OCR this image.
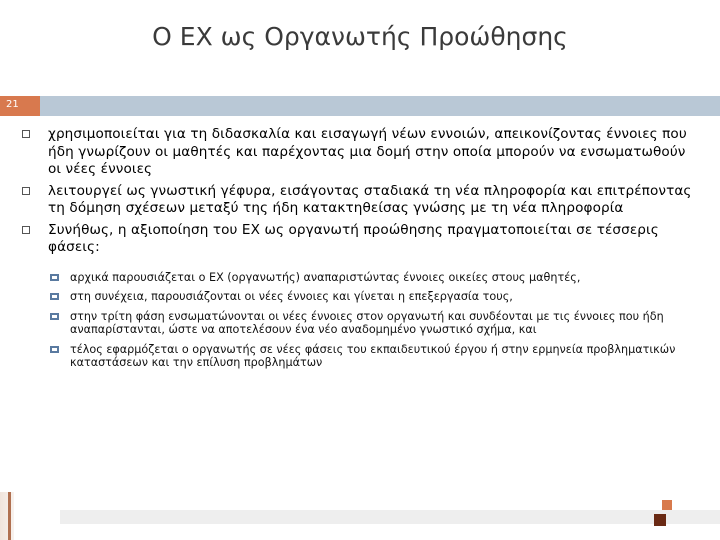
Ο ΕΧ ως Οργανωτής Προώθησης
21
χρησιμοποιείται για τη διδασκαλία και εισαγωγή νέων εννοιών, απεικονίζοντας έννοιες που ήδη γνωρίζουν οι μαθητές και παρέχοντας μια δομή στην οποία μπορούν να ενσωματωθούν οι νέες έννοιες
λειτουργεί ως γνωστική γέφυρα, εισάγοντας σταδιακά τη νέα πληροφορία και επιτρέποντας τη δόμηση σχέσεων μεταξύ της ήδη κατακτηθείσας γνώσης με τη νέα πληροφορία
Συνήθως, η αξιοποίηση του ΕΧ ως οργανωτή προώθησης πραγματοποιείται σε τέσσερις φάσεις:
αρχικά παρουσιάζεται ο ΕΧ (οργανωτής) αναπαριστώντας έννοιες οικείες στους μαθητές,
στη συνέχεια, παρουσιάζονται οι νέες έννοιες και γίνεται η επεξεργασία τους,
στην τρίτη φάση ενσωματώνονται οι νέες έννοιες στον οργανωτή και συνδέονται με τις έννοιες που ήδη αναπαρίστανται, ώστε να αποτελέσουν ένα νέο αναδομημένο γνωστικό σχήμα, και
τέλος εφαρμόζεται ο οργανωτής σε νέες φάσεις του εκπαιδευτικού έργου ή στην ερμηνεία προβληματικών καταστάσεων και την επίλυση προβλημάτων
